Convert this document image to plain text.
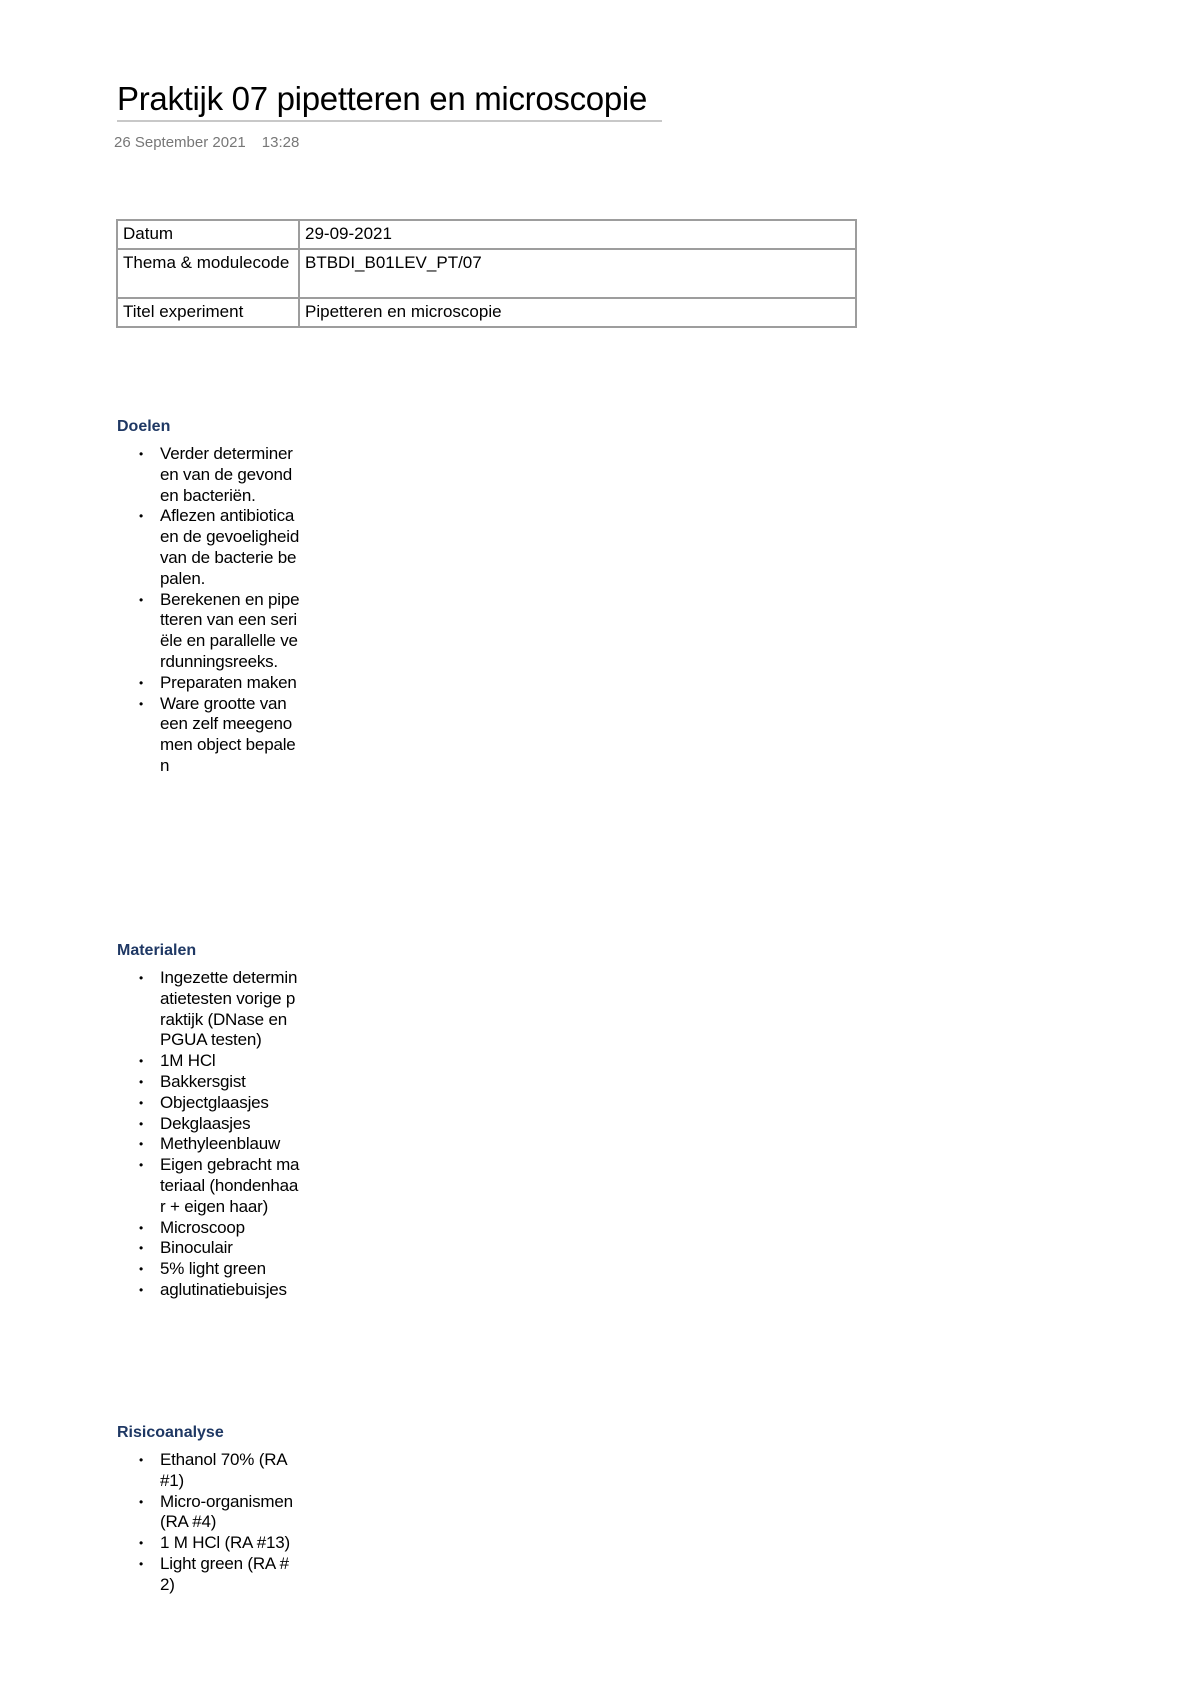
Praktijk 07 pipetteren en microscopie
26 September 2021 13:28
Datum	29-09-2021
Thema & modulecode	BTBDI_B01LEV_PT/07
Titel experiment	Pipetteren en microscopie
Doelen
• Verder determineren van de gevonden bacteriën.
• Aflezen antibiotica en de gevoeligheid van de bacterie bepalen.
• Berekenen en pipetteren van een seriële en parallelle verdunningsreeks.
• Preparaten maken
• Ware grootte van een zelf meegenomen object bepalen
Materialen
• Ingezette determinatietesten vorige praktijk (DNase en PGUA testen)
• 1M HCl
• Bakkersgist
• Objectglaasjes
• Dekglaasjes
• Methyleenblauw
• Eigen gebracht materiaal (hondenhaar + eigen haar)
• Microscoop
• Binoculair
• 5% light green
• aglutinatiebuisjes
Risicoanalyse
• Ethanol 70% (RA #1)
• Micro-organismen (RA #4)
• 1 M HCl (RA #13)
• Light green (RA #2)
